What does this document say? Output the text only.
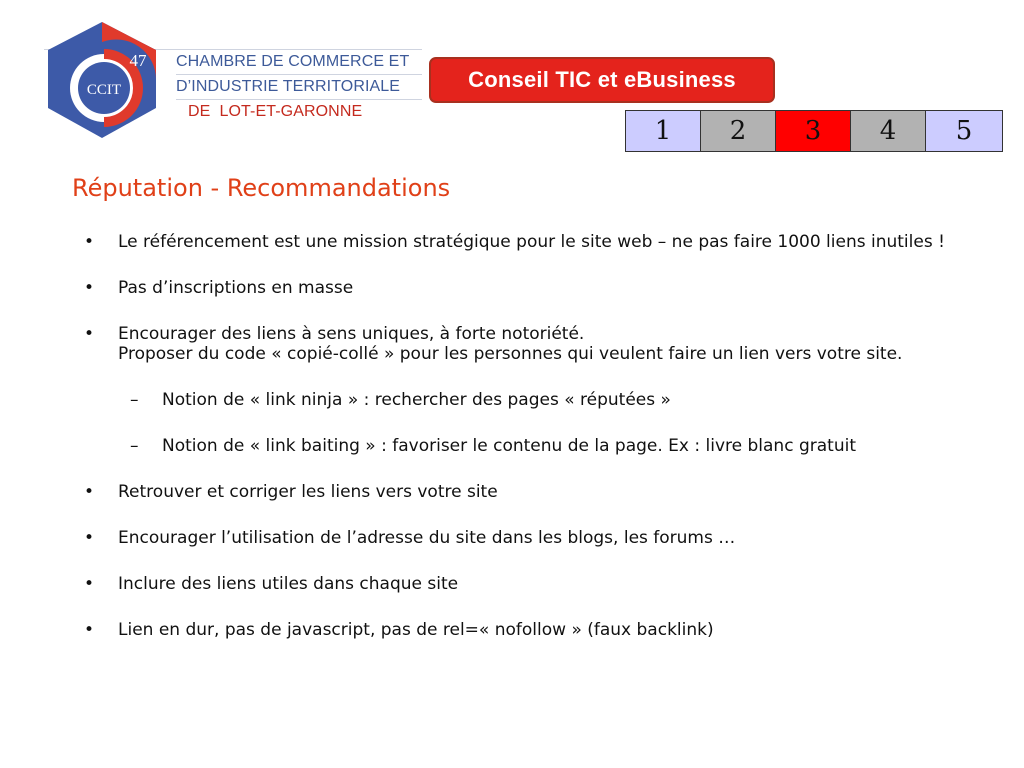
CCIT
47 CHAMBRE DE COMMERCE ET
D’INDUSTRIE TERRITORIALE
DE  LOT-ET-GARONNE
Conseil TIC et eBusiness
1	2	3	4	5
Réputation - Recommandations
• Le référencement est une mission stratégique pour le site web – ne pas faire 1000 liens inutiles !
• Pas d’inscriptions en masse
• Encourager des liens à sens uniques, à forte notoriété.
Proposer du code « copié-collé » pour les personnes qui veulent faire un lien vers votre site.
– Notion de « link ninja » : rechercher des pages « réputées »
– Notion de « link baiting » : favoriser le contenu de la page. Ex : livre blanc gratuit
• Retrouver et corriger les liens vers votre site
• Encourager l’utilisation de l’adresse du site dans les blogs, les forums …
• Inclure des liens utiles dans chaque site
• Lien en dur, pas de javascript, pas de rel=« nofollow » (faux backlink)
